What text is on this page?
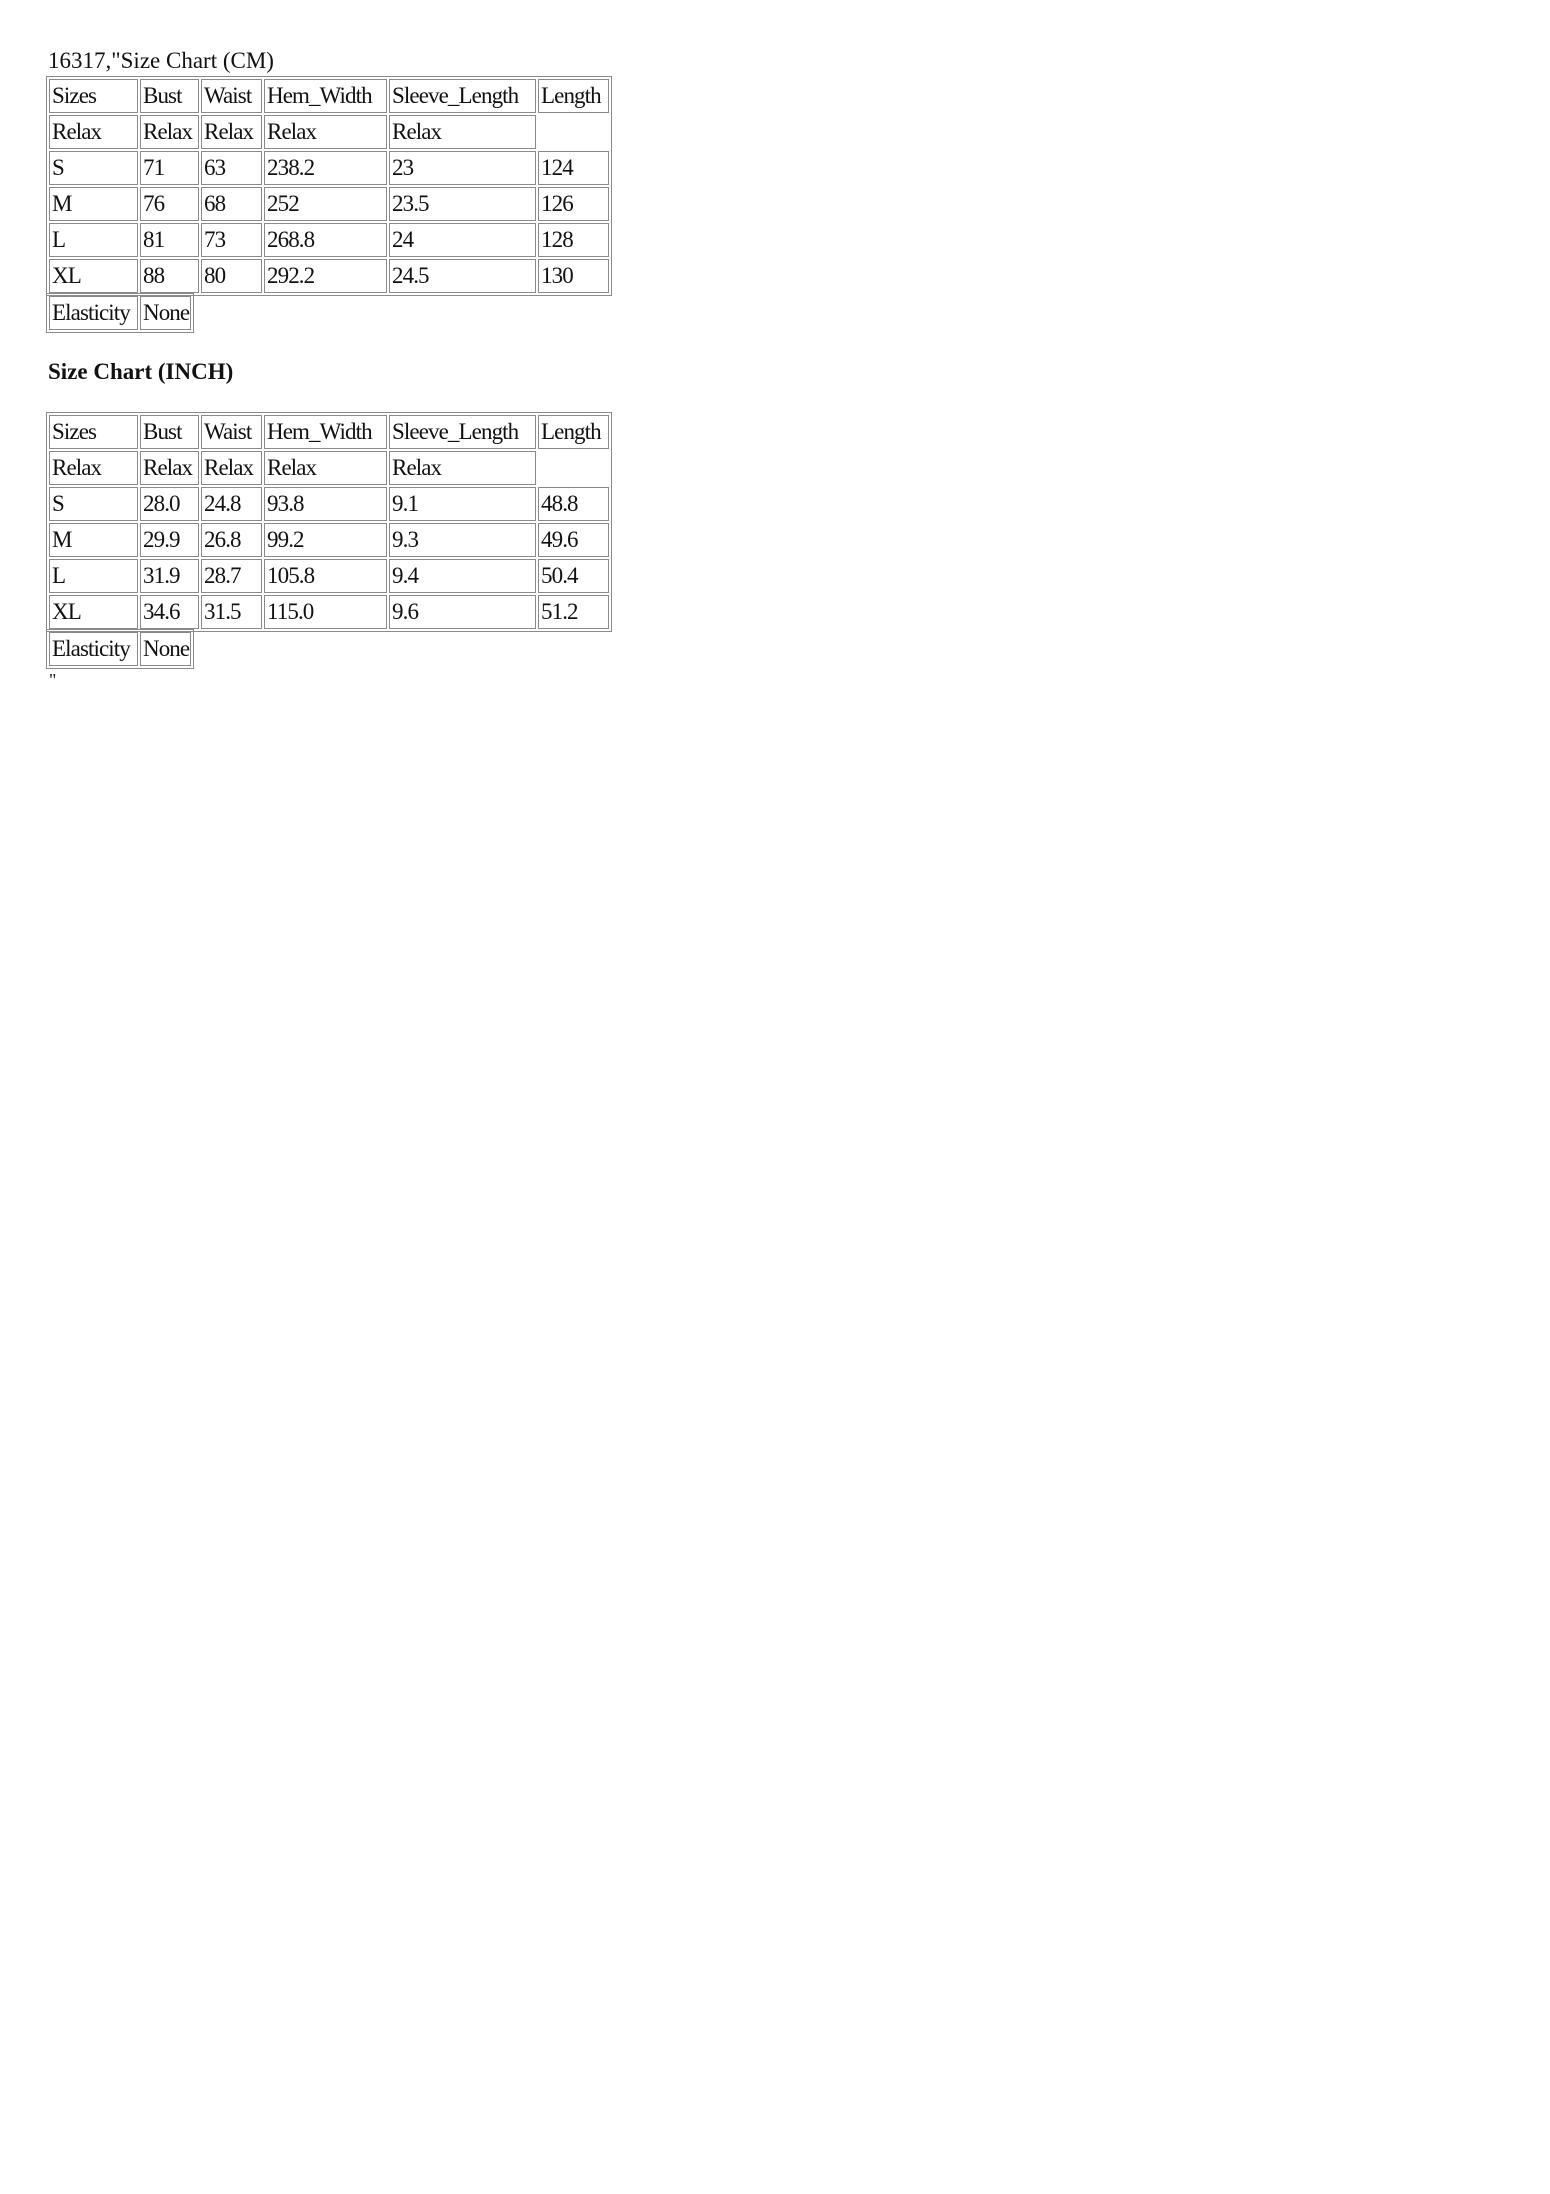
16317,"Size Chart (CM)

Sizes	Bust	Waist	Hem_Width	Sleeve_Length	Length
Relax	Relax	Relax	Relax	Relax	
S	71	63	238.2	23	124
M	76	68	252	23.5	126
L	81	73	268.8	24	128
XL	88	80	292.2	24.5	130
Elasticity	None
Size Chart (INCH)
Sizes	Bust	Waist	Hem_Width	Sleeve_Length	Length
Relax	Relax	Relax	Relax	Relax	
S	28.0	24.8	93.8	9.1	48.8
M	29.9	26.8	99.2	9.3	49.6
L	31.9	28.7	105.8	9.4	50.4
XL	34.6	31.5	115.0	9.6	51.2
Elasticity	None
"
